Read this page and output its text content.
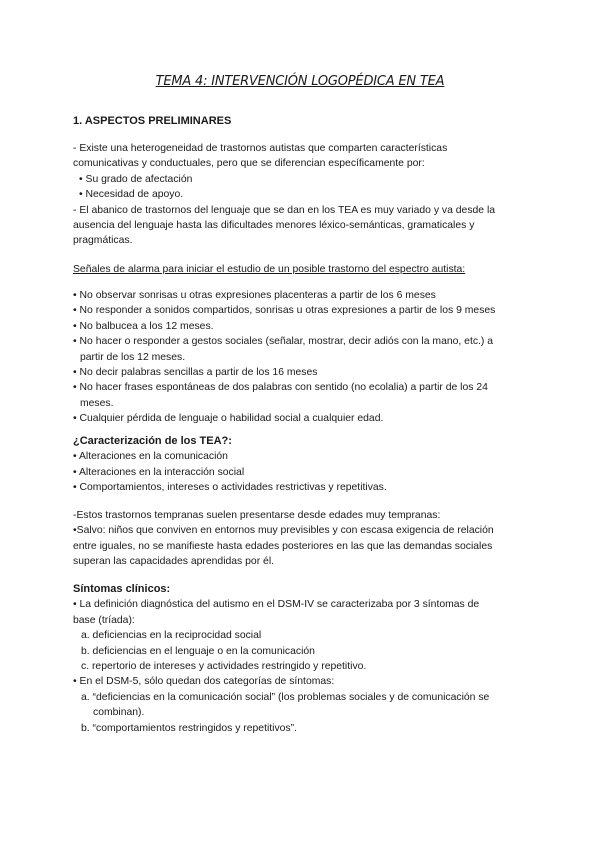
TEMA 4: INTERVENCIÓN LOGOPÉDICA EN TEA

1. ASPECTOS PRELIMINARES

- Existe una heterogeneidad de trastornos autistas que comparten características

comunicativas y conductuales, pero que se diferencian específicamente por:

• Su grado de afectación

• Necesidad de apoyo.

- El abanico de trastornos del lenguaje que se dan en los TEA es muy variado y va desde la

ausencia del lenguaje hasta las dificultades menores léxico-semánticas, gramaticales y

pragmáticas.

Señales de alarma para iniciar el estudio de un posible trastorno del espectro autista:

• No observar sonrisas u otras expresiones placenteras a partir de los 6 meses

• No responder a sonidos compartidos, sonrisas u otras expresiones a partir de los 9 meses

• No balbucea a los 12 meses.

• No hacer o responder a gestos sociales (señalar, mostrar, decir adiós con la mano, etc.) a

partir de los 12 meses.

• No decir palabras sencillas a partir de los 16 meses

• No hacer frases espontáneas de dos palabras con sentido (no ecolalia) a partir de los 24

meses.

• Cualquier pérdida de lenguaje o habilidad social a cualquier edad.

¿Caracterización de los TEA?:

• Alteraciones en la comunicación

• Alteraciones en la interacción social

• Comportamientos, intereses o actividades restrictivas y repetitivas.

-Estos trastornos tempranas suelen presentarse desde edades muy tempranas:

•Salvo: niños que conviven en entornos muy previsibles y con escasa exigencia de relación

entre iguales, no se manifieste hasta edades posteriores en las que las demandas sociales

superan las capacidades aprendidas por él.

Síntomas clínicos:

• La definición diagnóstica del autismo en el DSM-IV se caracterizaba por 3 síntomas de

base (tríada):

a. deficiencias en la reciprocidad social

b. deficiencias en el lenguaje o en la comunicación

c. repertorio de intereses y actividades restringido y repetitivo.

• En el DSM-5, sólo quedan dos categorías de síntomas:

a. “deficiencias en la comunicación social” (los problemas sociales y de comunicación se

combinan).

b. “comportamientos restringidos y repetitivos”.
